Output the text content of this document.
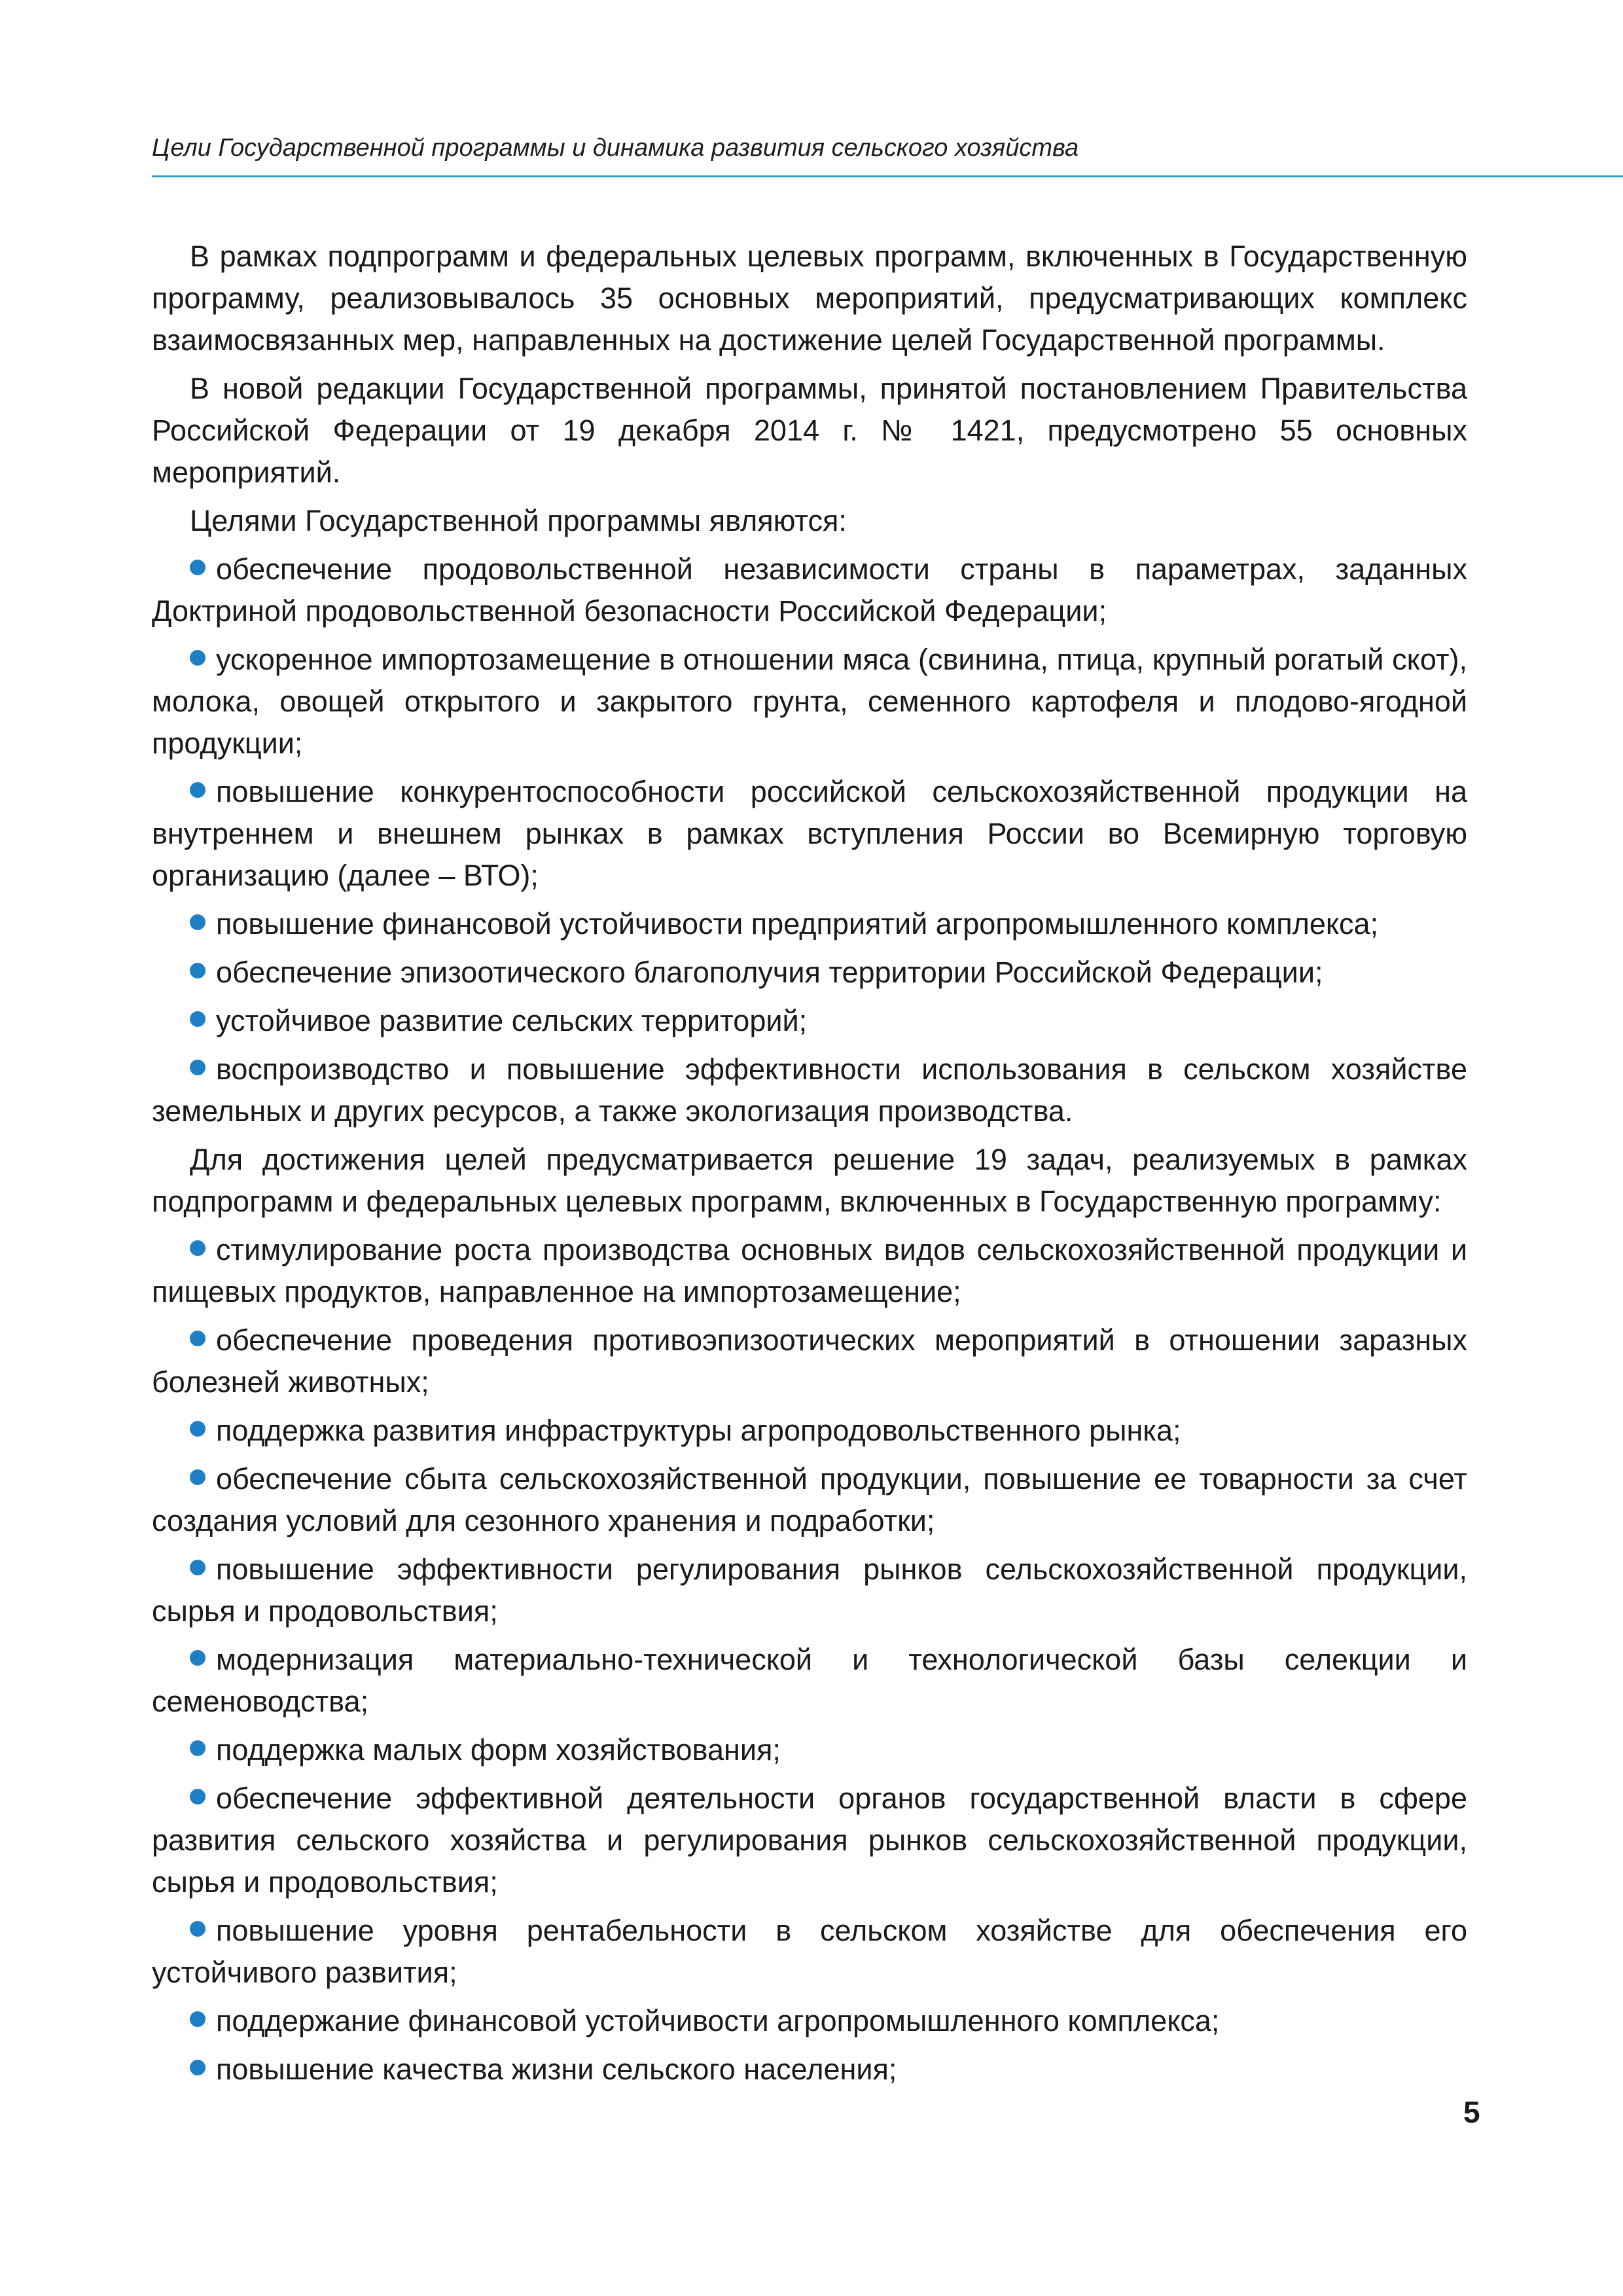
Цели Государственной программы и динамика развития сельского хозяйства

В рамках подпрограмм и федеральных целевых программ, включенных в Государственную программу, реализовывалось 35 основных мероприятий, предусматривающих комплекс взаимосвязанных мер, направленных на достижение целей Государственной программы.

В новой редакции Государственной программы, принятой постановлением Правительства Российской Федерации от 19 декабря 2014 г. № 1421, предусмотрено 55 основных мероприятий.

Целями Государственной программы являются:

обеспечение продовольственной независимости страны в параметрах, заданных Доктриной продовольственной безопасности Российской Федерации;

ускоренное импортозамещение в отношении мяса (свинина, птица, крупный рогатый скот), молока, овощей открытого и закрытого грунта, семенного картофеля и плодово-ягодной продукции;

повышение конкурентоспособности российской сельскохозяйственной продукции на внутреннем и внешнем рынках в рамках вступления России во Всемирную торговую организацию (далее – ВТО);

повышение финансовой устойчивости предприятий агропромышленного комплекса;

обеспечение эпизоотического благополучия территории Российской Федерации;

устойчивое развитие сельских территорий;

воспроизводство и повышение эффективности использования в сельском хозяйстве земельных и других ресурсов, а также экологизация производства.

Для достижения целей предусматривается решение 19 задач, реализуемых в рамках подпрограмм и федеральных целевых программ, включенных в Государственную программу:

стимулирование роста производства основных видов сельскохозяйственной продукции и пищевых продуктов, направленное на импортозамещение;

обеспечение проведения противоэпизоотических мероприятий в отношении заразных болезней животных;

поддержка развития инфраструктуры агропродовольственного рынка;

обеспечение сбыта сельскохозяйственной продукции, повышение ее товарности за счет создания условий для сезонного хранения и подработки;

повышение эффективности регулирования рынков сельскохозяйственной продукции, сырья и продовольствия;

модернизация материально-технической и технологической базы селекции и семеноводства;

поддержка малых форм хозяйствования;

обеспечение эффективной деятельности органов государственной власти в сфере развития сельского хозяйства и регулирования рынков сельскохозяйственной продукции, сырья и продовольствия;

повышение уровня рентабельности в сельском хозяйстве для обеспечения его устойчивого развития;

поддержание финансовой устойчивости агропромышленного комплекса;

повышение качества жизни сельского населения;

5
